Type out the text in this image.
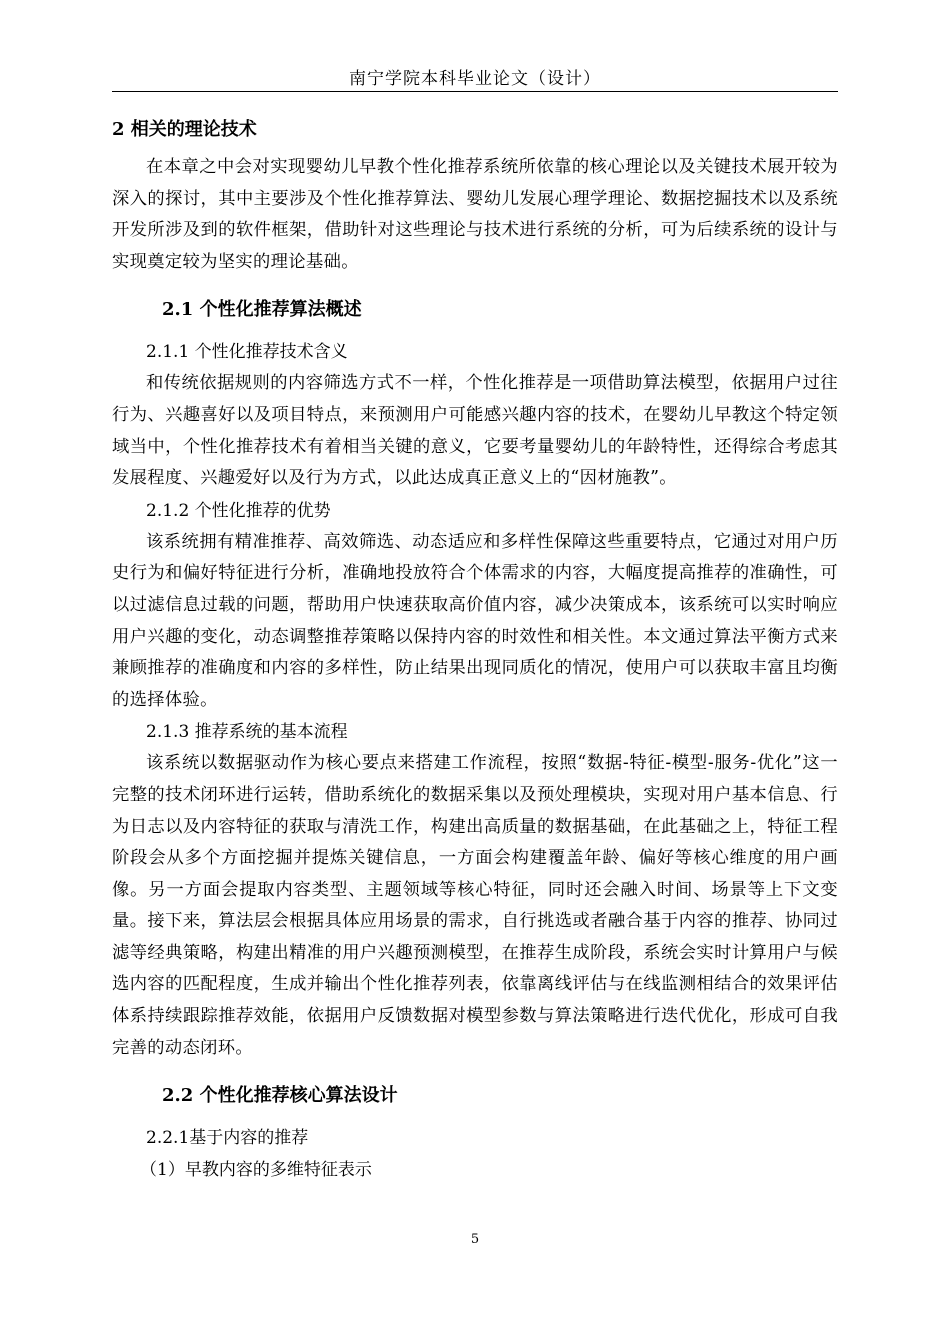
南宁学院本科毕业论文（设计）

2 相关的理论技术

在本章之中会对实现婴幼儿早教个性化推荐系统所依靠的核心理论以及关键技术展开较为深入的探讨，其中主要涉及个性化推荐算法、婴幼儿发展心理学理论、数据挖掘技术以及系统开发所涉及到的软件框架，借助针对这些理论与技术进行系统的分析，可为后续系统的设计与实现奠定较为坚实的理论基础。

2.1 个性化推荐算法概述

2.1.1 个性化推荐技术含义

和传统依据规则的内容筛选方式不一样，个性化推荐是一项借助算法模型，依据用户过往行为、兴趣喜好以及项目特点，来预测用户可能感兴趣内容的技术，在婴幼儿早教这个特定领域当中，个性化推荐技术有着相当关键的意义，它要考量婴幼儿的年龄特性，还得综合考虑其发展程度、兴趣爱好以及行为方式，以此达成真正意义上的“因材施教”。

2.1.2 个性化推荐的优势

该系统拥有精准推荐、高效筛选、动态适应和多样性保障这些重要特点，它通过对用户历史行为和偏好特征进行分析，准确地投放符合个体需求的内容，大幅度提高推荐的准确性，可以过滤信息过载的问题，帮助用户快速获取高价值内容，减少决策成本，该系统可以实时响应用户兴趣的变化，动态调整推荐策略以保持内容的时效性和相关性。本文通过算法平衡方式来兼顾推荐的准确度和内容的多样性，防止结果出现同质化的情况，使用户可以获取丰富且均衡的选择体验。

2.1.3 推荐系统的基本流程

该系统以数据驱动作为核心要点来搭建工作流程，按照“数据-特征-模型-服务-优化”这一完整的技术闭环进行运转，借助系统化的数据采集以及预处理模块，实现对用户基本信息、行为日志以及内容特征的获取与清洗工作，构建出高质量的数据基础，在此基础之上，特征工程阶段会从多个方面挖掘并提炼关键信息，一方面会构建覆盖年龄、偏好等核心维度的用户画像。另一方面会提取内容类型、主题领域等核心特征，同时还会融入时间、场景等上下文变量。接下来，算法层会根据具体应用场景的需求，自行挑选或者融合基于内容的推荐、协同过滤等经典策略，构建出精准的用户兴趣预测模型，在推荐生成阶段，系统会实时计算用户与候选内容的匹配程度，生成并输出个性化推荐列表，依靠离线评估与在线监测相结合的效果评估体系持续跟踪推荐效能，依据用户反馈数据对模型参数与算法策略进行迭代优化，形成可自我完善的动态闭环。

2.2 个性化推荐核心算法设计

2.2.1基于内容的推荐

（1）早教内容的多维特征表示

5
